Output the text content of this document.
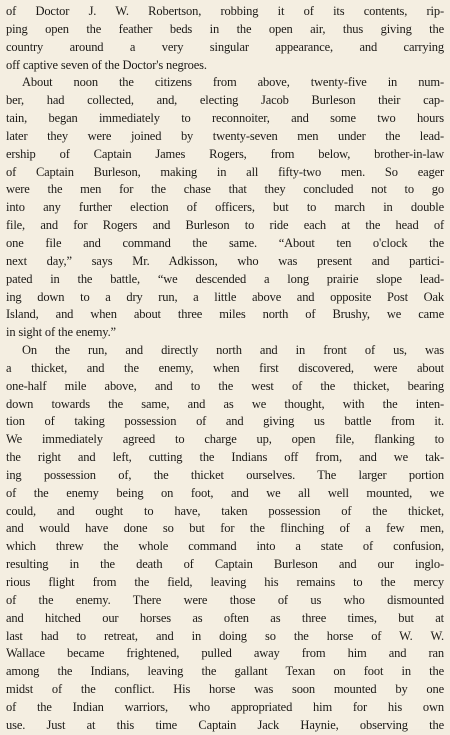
of Doctor J. W. Robertson, robbing it of its contents, rip-
ping open the feather beds in the open air, thus giving the
country around a very singular appearance, and carrying
off captive seven of the Doctor's negroes.
About noon the citizens from above, twenty-five in num-
ber, had collected, and, electing Jacob Burleson their cap-
tain, began immediately to reconnoiter, and some two hours
later they were joined by twenty-seven men under the lead-
ership of Captain James Rogers, from below, brother-in-law
of Captain Burleson, making in all fifty-two men. So eager
were the men for the chase that they concluded not to go
into any further election of officers, but to march in double
file, and for Rogers and Burleson to ride each at the head of
one file and command the same. “About ten o'clock the
next day,” says Mr. Adkisson, who was present and partici-
pated in the battle, “we descended a long prairie slope lead-
ing down to a dry run, a little above and opposite Post Oak
Island, and when about three miles north of Brushy, we came
in sight of the enemy.”
On the run, and directly north and in front of us, was
a thicket, and the enemy, when first discovered, were about
one-half mile above, and to the west of the thicket, bearing
down towards the same, and as we thought, with the inten-
tion of taking possession of and giving us battle from it.
We immediately agreed to charge up, open file, flanking to
the right and left, cutting the Indians off from, and we tak-
ing possession of, the thicket ourselves. The larger portion
of the enemy being on foot, and we all well mounted, we
could, and ought to have, taken possession of the thicket,
and would have done so but for the flinching of a few men,
which threw the whole command into a state of confusion,
resulting in the death of Captain Burleson and our inglo-
rious flight from the field, leaving his remains to the mercy
of the enemy. There were those of us who dismounted
and hitched our horses as often as three times, but at
last had to retreat, and in doing so the horse of W. W.
Wallace became frightened, pulled away from him and ran
among the Indians, leaving the gallant Texan on foot in the
midst of the conflict. His horse was soon mounted by one
of the Indian warriors, who appropriated him for his own
use. Just at this time Captain Jack Haynie, observing the
